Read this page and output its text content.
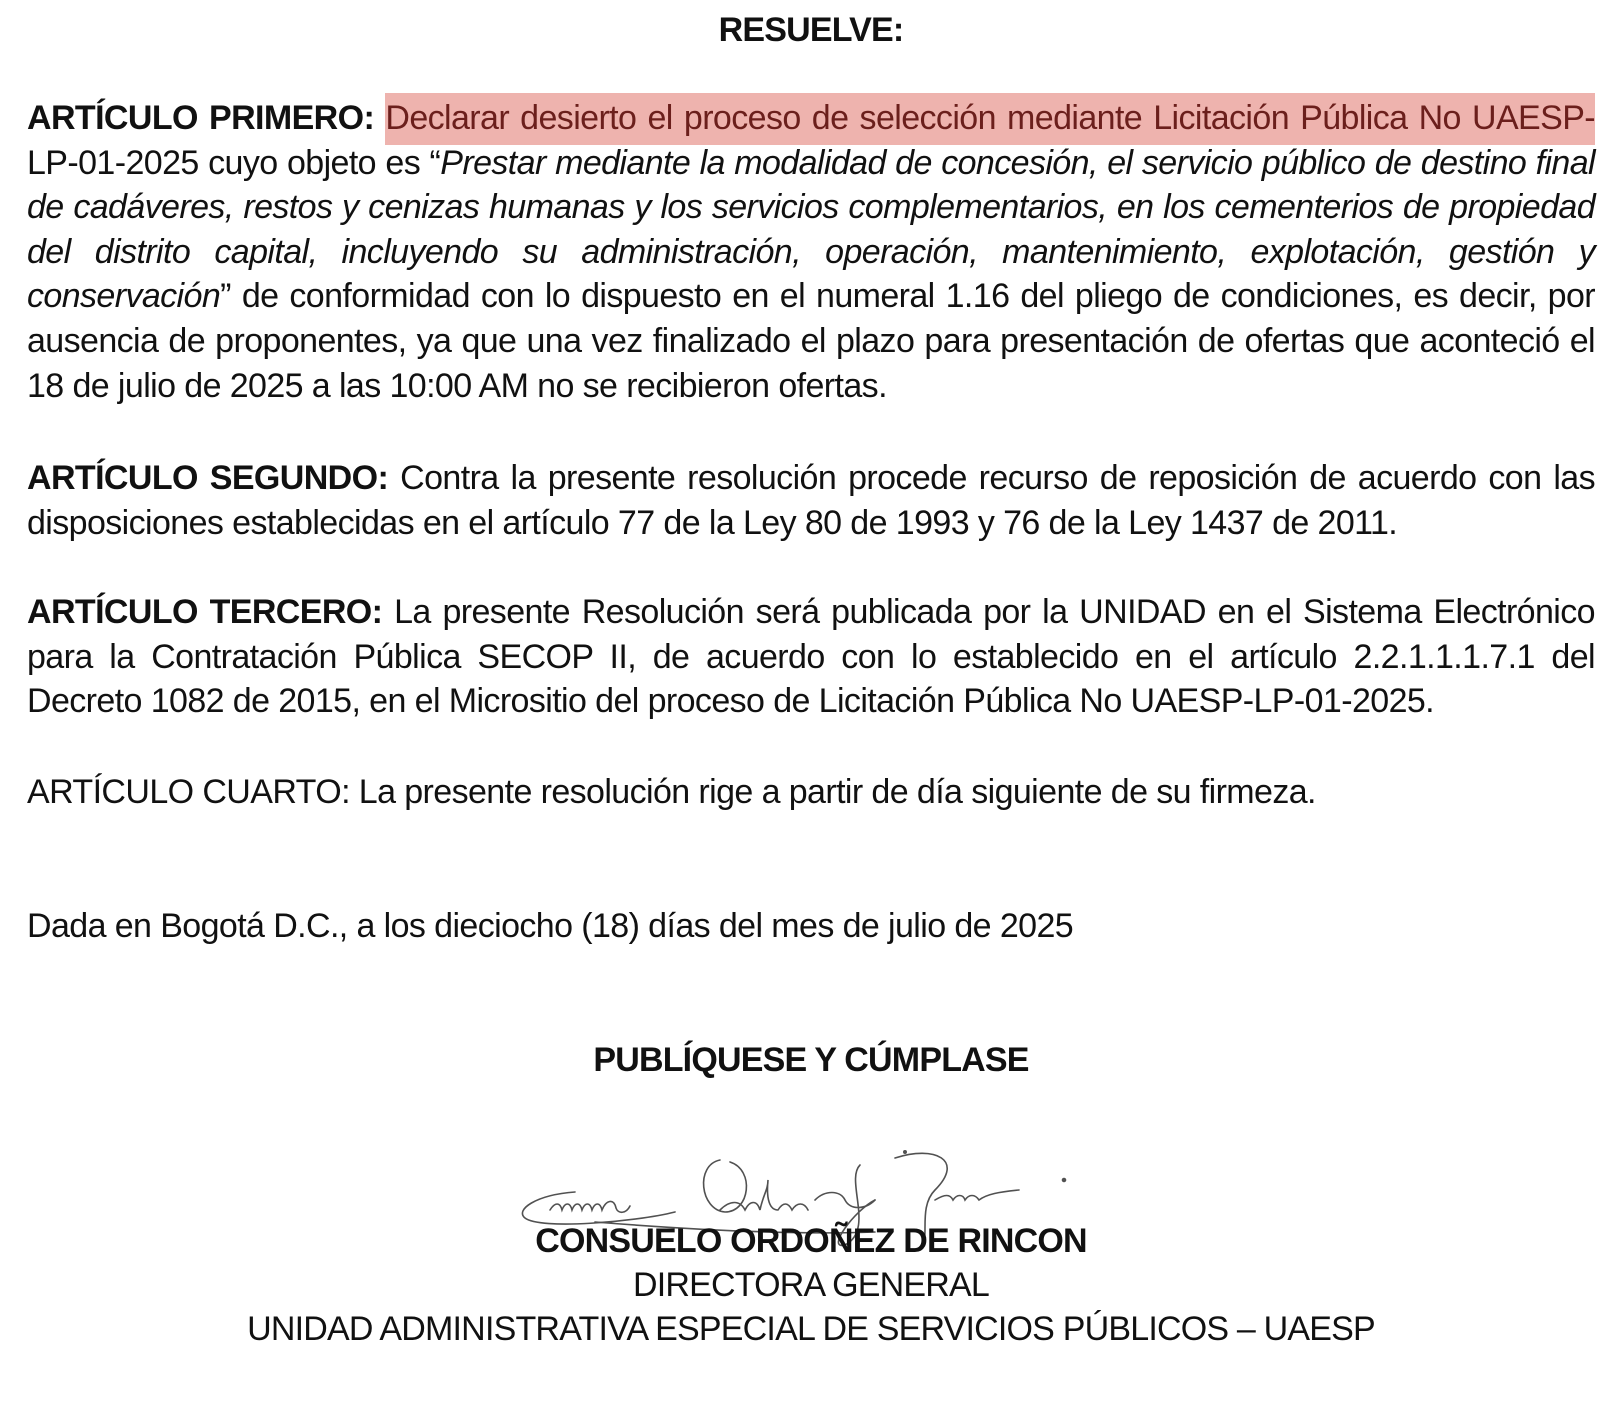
RESUELVE:
ARTÍCULO PRIMERO: Declarar desierto el proceso de selección mediante Licitación Pública No UAESP- LP-01-2025 cuyo objeto es “Prestar mediante la modalidad de concesión, el servicio público de destino final de cadáveres, restos y cenizas humanas y los servicios complementarios, en los cementerios de propiedad del distrito capital, incluyendo su administración, operación, mantenimiento, explotación, gestión y conservación” de conformidad con lo dispuesto en el numeral 1.16 del pliego de condiciones, es decir, por ausencia de proponentes, ya que una vez finalizado el plazo para presentación de ofertas que aconteció el 18 de julio de 2025 a las 10:00 AM no se recibieron ofertas.
ARTÍCULO SEGUNDO: Contra la presente resolución procede recurso de reposición de acuerdo con las disposiciones establecidas en el artículo 77 de la Ley 80 de 1993 y 76 de la Ley 1437 de 2011.
ARTÍCULO TERCERO: La presente Resolución será publicada por la UNIDAD en el Sistema Electrónico para la Contratación Pública SECOP II, de acuerdo con lo establecido en el artículo 2.2.1.1.1.7.1 del Decreto 1082 de 2015, en el Micrositio del proceso de Licitación Pública No UAESP-LP-01-2025.
ARTÍCULO CUARTO: La presente resolución rige a partir de día siguiente de su firmeza.
Dada en Bogotá D.C., a los dieciocho (18) días del mes de julio de 2025
PUBLÍQUESE Y CÚMPLASE
CONSUELO ORDOÑEZ DE RINCON
DIRECTORA GENERAL
UNIDAD ADMINISTRATIVA ESPECIAL DE SERVICIOS PÚBLICOS – UAESP
